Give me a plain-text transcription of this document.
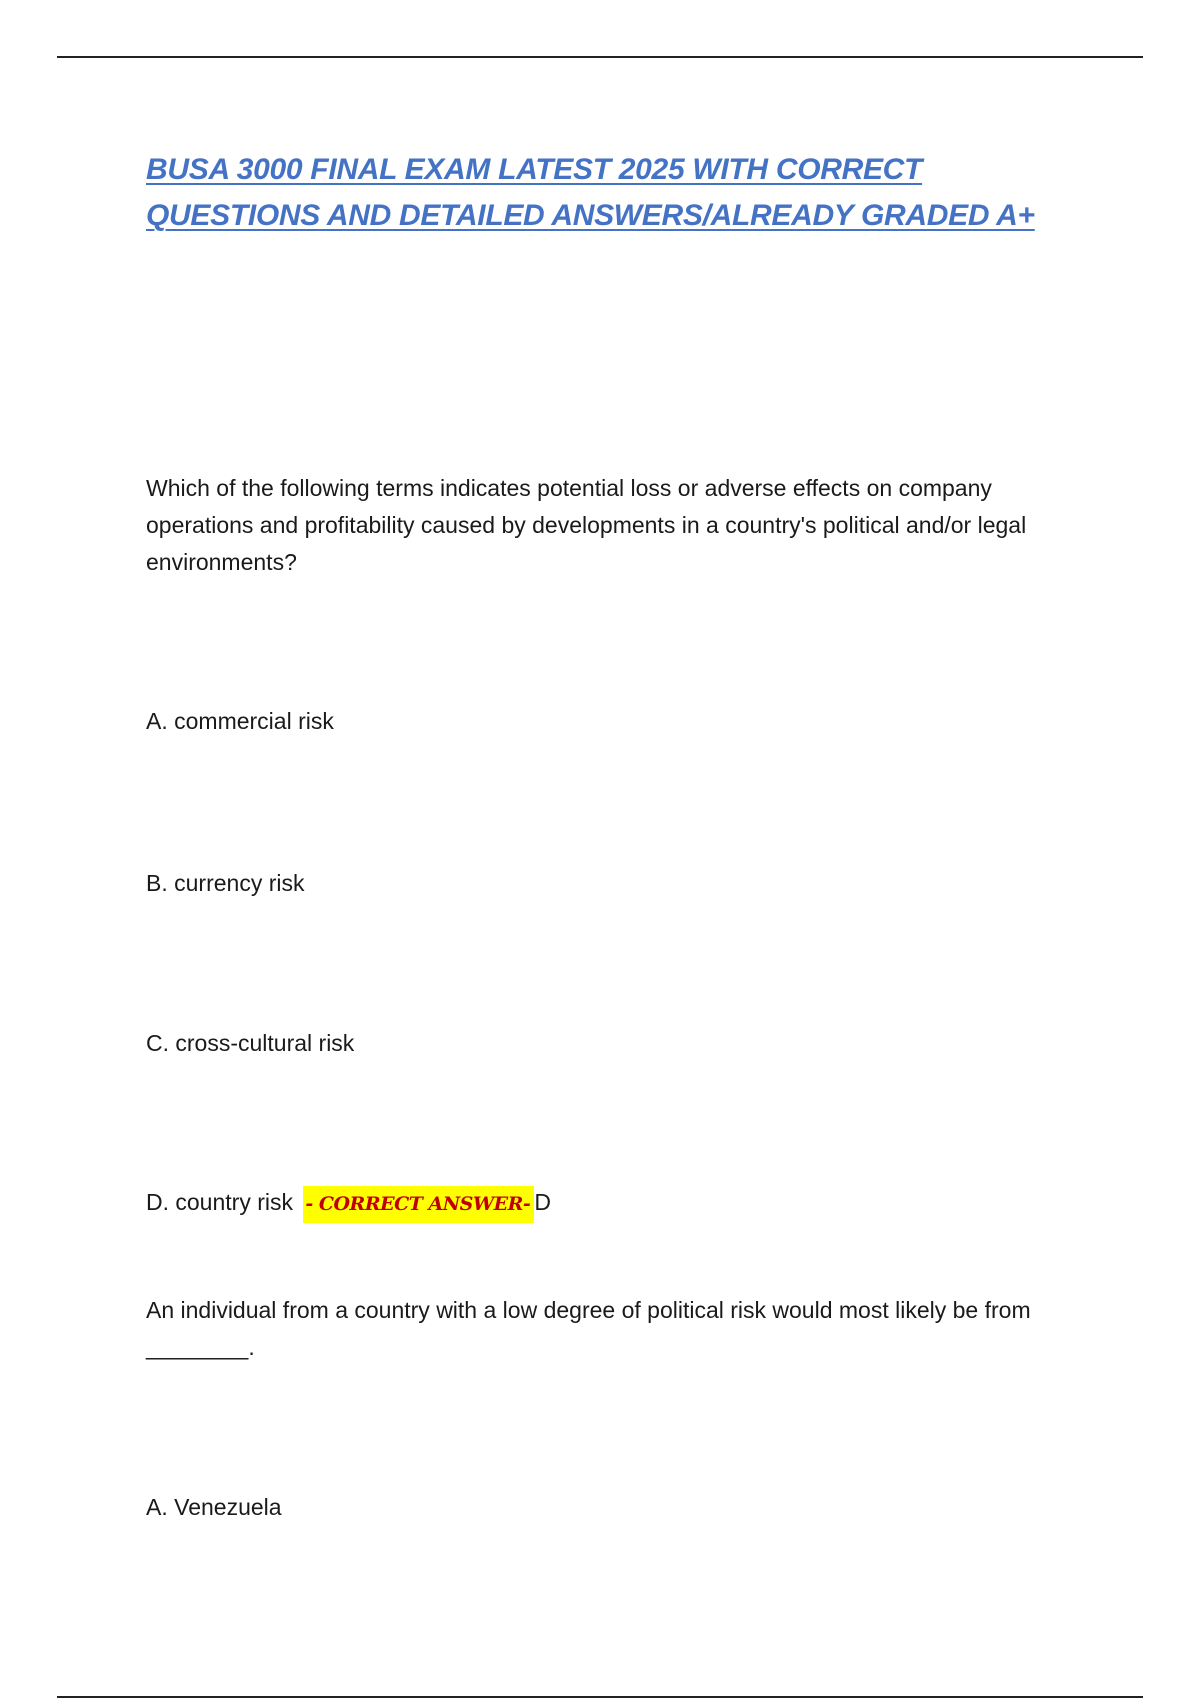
BUSA 3000 FINAL EXAM LATEST 2025 WITH CORRECT
QUESTIONS AND DETAILED ANSWERS/ALREADY GRADED A+

Which of the following terms indicates potential loss or adverse effects on company operations and profitability caused by developments in a country's political and/or legal environments?

A. commercial risk

B. currency risk

C. cross-cultural risk

D. country risk - CORRECT ANSWER- D

An individual from a country with a low degree of political risk would most likely be from ________.

A. Venezuela
